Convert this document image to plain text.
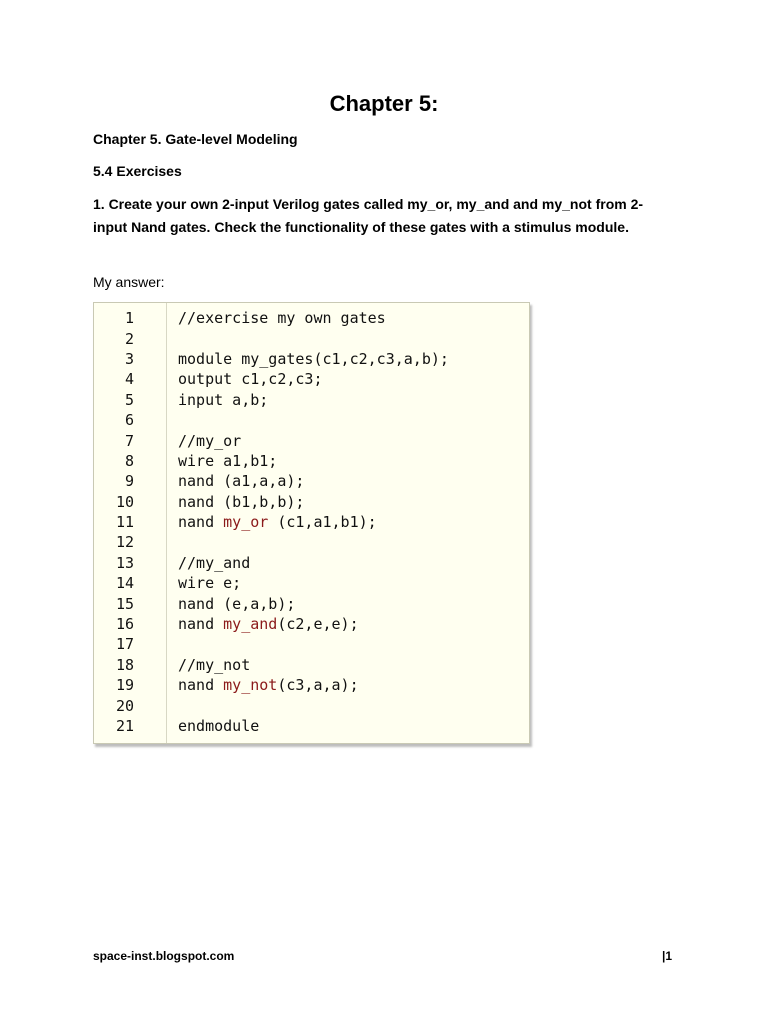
Chapter 5:
Chapter 5. Gate-level Modeling
5.4 Exercises
1. Create your own 2-input Verilog gates called my_or, my_and and my_not from 2-input Nand gates. Check the functionality of these gates with a stimulus module.
My answer:
1	//exercise my own gates
2
3	module my_gates(c1,c2,c3,a,b);
4	output c1,c2,c3;
5	input a,b;
6
7	//my_or
8	wire a1,b1;
9	nand (a1,a,a);
10	nand (b1,b,b);
11	nand my_or (c1,a1,b1);
12
13	//my_and
14	wire e;
15	nand (e,a,b);
16	nand my_and(c2,e,e);
17
18	//my_not
19	nand my_not(c3,a,a);
20
21	endmodule
space-inst.blogspot.com	|1
